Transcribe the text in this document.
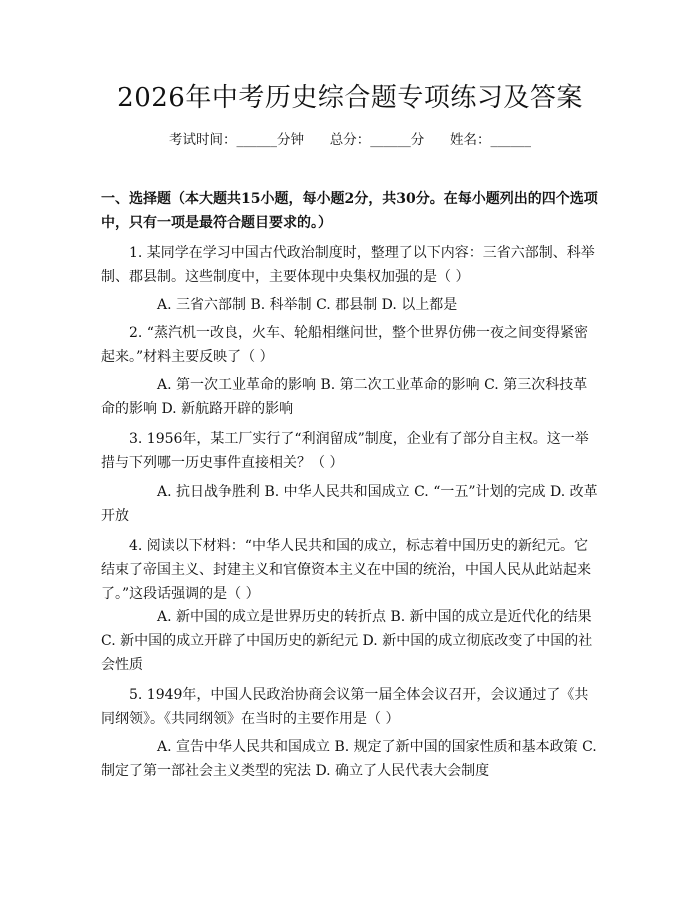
2026年中考历史综合题专项练习及答案
考试时间：______分钟      总分：______分      姓名：______
一、选择题（本大题共15小题，每小题2分，共30分。在每小题列出的四个选项中，只有一项是最符合题目要求的。）
1. 某同学在学习中国古代政治制度时，整理了以下内容：三省六部制、科举制、郡县制。这些制度中，主要体现中央集权加强的是（ ）
A. 三省六部制 B. 科举制 C. 郡县制 D. 以上都是
2. “蒸汽机一改良，火车、轮船相继问世，整个世界仿佛一夜之间变得紧密起来。”材料主要反映了（ ）
A. 第一次工业革命的影响 B. 第二次工业革命的影响 C. 第三次科技革命的影响 D. 新航路开辟的影响
3. 1956年，某工厂实行了“利润留成”制度，企业有了部分自主权。这一举措与下列哪一历史事件直接相关？（ ）
A. 抗日战争胜利 B. 中华人民共和国成立 C. “一五”计划的完成 D. 改革开放
4. 阅读以下材料：“中华人民共和国的成立，标志着中国历史的新纪元。它结束了帝国主义、封建主义和官僚资本主义在中国的统治，中国人民从此站起来了。”这段话强调的是（ ）
A. 新中国的成立是世界历史的转折点 B. 新中国的成立是近代化的结果 C. 新中国的成立开辟了中国历史的新纪元 D. 新中国的成立彻底改变了中国的社会性质
5. 1949年，中国人民政治协商会议第一届全体会议召开，会议通过了《共同纲领》。《共同纲领》在当时的主要作用是（ ）
A. 宣告中华人民共和国成立 B. 规定了新中国的国家性质和基本政策 C. 制定了第一部社会主义类型的宪法 D. 确立了人民代表大会制度
